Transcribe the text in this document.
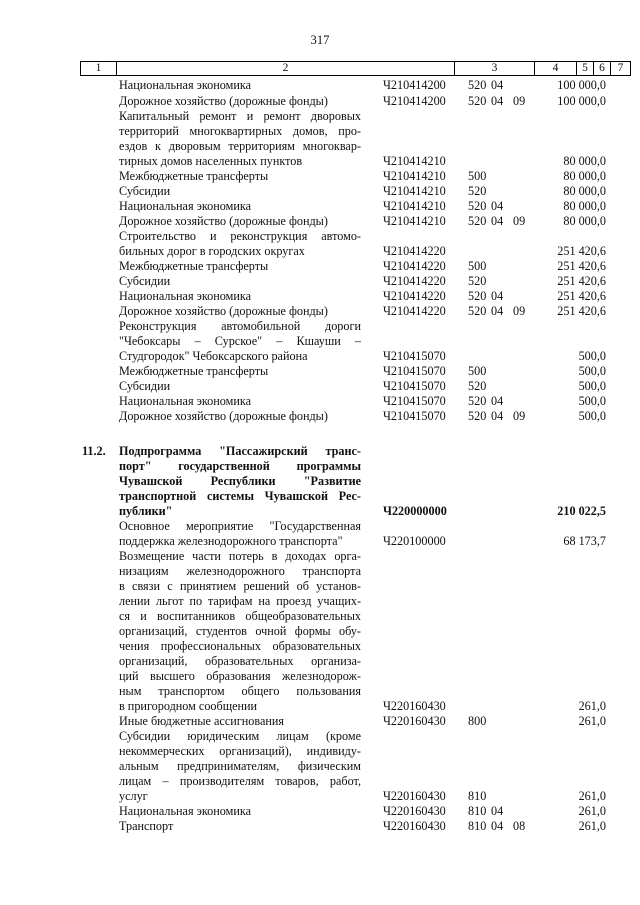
317
1	2	3	4	5 6	7
Национальная экономика	Ч210414200 520 04	100 000,0
Дорожное хозяйство (дорожные фонды)	Ч210414200 520 04 09	100 000,0
Капитальный ремонт и ремонт дворовых
территорий многоквартирных домов, про-
ездов к дворовым территориям многоквар-
тирных домов населенных пунктов	Ч210414210	80 000,0
Межбюджетные трансферты	Ч210414210 500	80 000,0
Субсидии	Ч210414210 520	80 000,0
Национальная экономика	Ч210414210 520 04	80 000,0
Дорожное хозяйство (дорожные фонды)	Ч210414210 520 04 09	80 000,0
Строительство и реконструкция автомо-
бильных дорог в городских округах	Ч210414220	251 420,6
Межбюджетные трансферты	Ч210414220 500	251 420,6
Субсидии	Ч210414220 520	251 420,6
Национальная экономика	Ч210414220 520 04	251 420,6
Дорожное хозяйство (дорожные фонды)	Ч210414220 520 04 09	251 420,6
Реконструкция автомобильной дороги
"Чебоксары – Сурское" – Кшауши –
Студгородок" Чебоксарского района	Ч210415070	500,0
Межбюджетные трансферты	Ч210415070 500	500,0
Субсидии	Ч210415070 520	500,0
Национальная экономика	Ч210415070 520 04	500,0
Дорожное хозяйство (дорожные фонды)	Ч210415070 520 04 09	500,0
11.2. Подпрограмма "Пассажирский транс-
порт" государственной программы
Чувашской Республики "Развитие
транспортной системы Чувашской Рес-
публики"	Ч220000000	210 022,5
Основное мероприятие "Государственная
поддержка железнодорожного транспорта"	Ч220100000	68 173,7
Возмещение части потерь в доходах орга-
низациям железнодорожного транспорта
в связи с принятием решений об установ-
лении льгот по тарифам на проезд учащих-
ся и воспитанников общеобразовательных
организаций, студентов очной формы обу-
чения профессиональных образовательных
организаций, образовательных организа-
ций высшего образования железнодорож-
ным транспортом общего пользования
в пригородном сообщении	Ч220160430	261,0
Иные бюджетные ассигнования	Ч220160430 800	261,0
Субсидии юридическим лицам (кроме
некоммерческих организаций), индивиду-
альным предпринимателям, физическим
лицам – производителям товаров, работ,
услуг	Ч220160430 810	261,0
Национальная экономика	Ч220160430 810 04	261,0
Транспорт	Ч220160430 810 04 08	261,0
